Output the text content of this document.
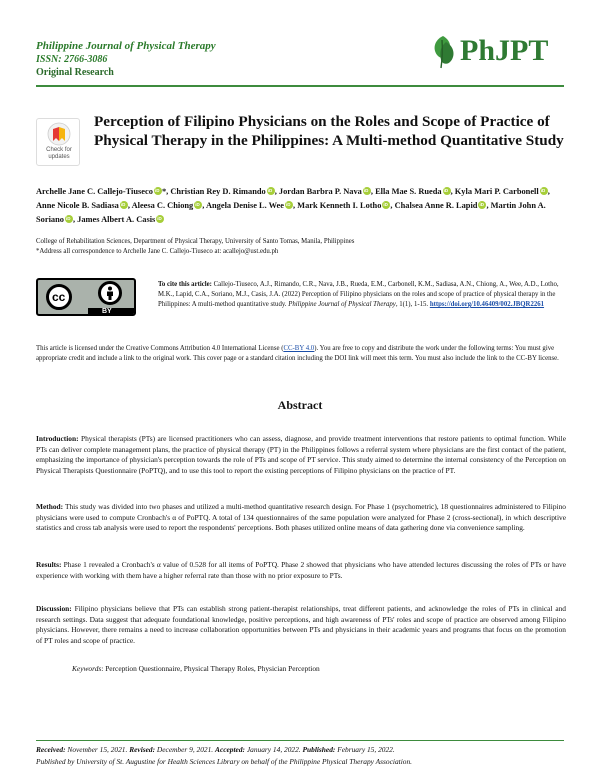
Philippine Journal of Physical Therapy
ISSN: 2766-3086
Original Research
PhJPT
Check for
updates
Perception of Filipino Physicians on the Roles and Scope of Practice of Physical Therapy in the Philippines: A Multi-method Quantitative Study
Archelle Jane C. Callejo-Tiuseco iD *, Christian Rey D. Rimando iD , Jordan Barbra P. Nava iD , Ella Mae S. Rueda iD , Kyla Mari P. Carbonell iD , Anne Nicole B. Sadiasa iD , Aleesa C. Chiong iD , Angela Denise L. Wee iD , Mark Kenneth I. Lotho iD , Chalsea Anne R. Lapid iD , Martin John A. Soriano iD , James Albert A. CasisiD
College of Rehabilitation Sciences, Department of Physical Therapy, University of Santo Tomas, Manila, Philippines
*Address all correspondence to Archelle Jane C. Callejo-Tiuseco at: acallejo@ust.edu.ph
cc
BY
To cite this article: Callejo-Tiuseco, A.J., Rimando, C.R., Nava, J.B., Rueda, E.M., Carbonell, K.M., Sadiasa, A.N., Chiong, A., Wee, A.D., Lotho, M.K., Lapid, C.A., Soriano, M.J., Casis, J.A. (2022) Perception of Filipino physicians on the roles and scope of practice of physical therapy in the Philippines: A multi-method quantitative study. Philippine Journal of Physical Therapy, 1(1), 1-15. https://doi.org/10.46409/002.JBQR2261
This article is licensed under the Creative Commons Attribution 4.0 International License (CC-BY 4.0). You are free to copy and distribute the work under the following terms: You must give appropriate credit and include a link to the original work. This cover page or a standard citation including the DOI link will meet this term. You must also include the link to the CC-BY license.
Abstract

Introduction: Physical therapists (PTs) are licensed practitioners who can assess, diagnose, and provide treatment interventions that restore patients to optimal function. While PTs can deliver complete management plans, the practice of physical therapy (PT) in the Philippines follows a referral system where physicians are the first contact of the patient, emphasizing the importance of physician's perception towards the role of PTs and scope of PT service. This study aimed to determine the internal consistency of the Perception on Physical Therapists Questionnaire (PoPTQ), and to use this tool to report the existing perceptions of Filipino physicians on the practice of PT.

Method: This study was divided into two phases and utilized a multi-method quantitative research design. For Phase 1 (psychometric), 18 questionnaires administered to Filipino physicians were used to compute Cronbach's α of PoPTQ. A total of 134 questionnaires of the same population were analyzed for Phase 2 (cross-sectional), in which descriptive statistics and cross tab analysis were used to report the respondents' perceptions. Both phases utilized online means of data gathering done via convenience sampling.

Results: Phase 1 revealed a Cronbach's α value of 0.528 for all items of PoPTQ. Phase 2 showed that physicians who have attended lectures discussing the roles of PTs or have experience with working with them have a higher referral rate than those with no prior exposure to PTs.

Discussion: Filipino physicians believe that PTs can establish strong patient-therapist relationships, treat different patients, and acknowledge the roles of PTs in clinical and research settings. Data suggest that adequate foundational knowledge, positive perceptions, and high awareness of PTs' roles and scope of practice are observed among Filipino physicians. However, there remains a need to increase collaboration opportunities between PTs and physicians in their academic years and programs that focus on the promotion of PT roles and scope of practice.

Keywords: Perception Questionnaire, Physical Therapy Roles, Physician Perception

Received: November 15, 2021. Revised: December 9, 2021. Accepted: January 14, 2022. Published: February 15, 2022.
Published by University of St. Augustine for Health Sciences Library on behalf of the Philippine Physical Therapy Association.
